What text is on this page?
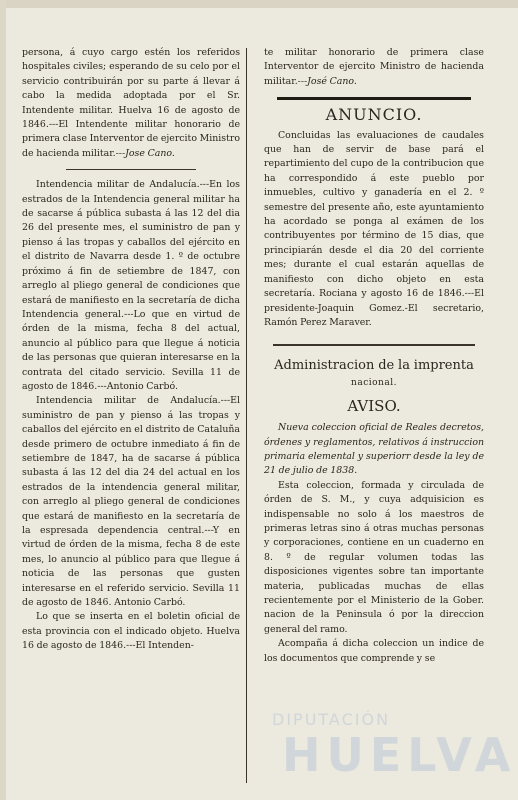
persona, á cuyo cargo estén los referidos hospitales civiles; esperando de su celo por el servicio contribuirán por su parte á llevar á cabo la medida adoptada por el Sr. Intendente militar. Huelva 16 de agosto de 1846.---El Intendente militar honorario de primera clase Interventor de ejercito Ministro de hacienda militar.---Jose Cano.

Intendencia militar de Andalucía.---En los estrados de la Intendencia general militar ha de sacarse á pública subasta á las 12 del dia 26 del presente mes, el suministro de pan y pienso á las tropas y caballos del ejército en el distrito de Navarra desde 1. º de octubre próximo á fin de setiembre de 1847, con arreglo al pliego general de condiciones que estará de manifiesto en la secretaría de dicha Intendencia general.---Lo que en virtud de órden de la misma, fecha 8 del actual, anuncio al público para que llegue á noticia de las personas que quieran interesarse en la contrata del citado servicio. Sevilla 11 de agosto de 1846.---Antonio Carbó.

Intendencia militar de Andalucía.---El suministro de pan y pienso á las tropas y caballos del ejército en el distrito de Cataluña desde primero de octubre inmediato á fin de setiembre de 1847, ha de sacarse á pública subasta á las 12 del dia 24 del actual en los estrados de la intendencia general militar, con arreglo al pliego general de condiciones que estará de manifiesto en la secretaría de la espresada dependencia central.---Y en virtud de órden de la misma, fecha 8 de este mes, lo anuncio al público para que llegue á noticia de las personas que gusten interesarse en el referido servicio. Sevilla 11 de agosto de 1846. Antonio Carbó.

Lo que se inserta en el boletin oficial de esta provincia con el indicado objeto. Huelva 16 de agosto de 1846.---El Intenden-

te militar honorario de primera clase Interventor de ejercito Ministro de hacienda militar.---José Cano.

ANUNCIO.

Concluidas las evaluaciones de caudales que han de servir de base pará el repartimiento del cupo de la contribucion que ha correspondido á este pueblo por inmuebles, cultivo y ganadería en el 2. º semestre del presente año, este ayuntamiento ha acordado se ponga al exámen de los contribuyentes por término de 15 dias, que principiarán desde el dia 20 del corriente mes; durante el cual estarán aquellas de manifiesto con dicho objeto en esta secretaría. Rociana y agosto 16 de 1846.---El presidente-Joaquin Gomez.-El secretario, Ramón Perez Maraver.

Administracion de la imprenta
nacional.
AVISO.

Nueva coleccion oficial de Reales decretos, órdenes y reglamentos, relativos á instruccion primaria elemental y superiorr desde la ley de 21 de julio de 1838.

Esta coleccion, formada y circulada de órden de S. M., y cuya adquisicion es indispensable no solo á los maestros de primeras letras sino á otras muchas personas y corporaciones, contiene en un cuaderno en 8. º de regular volumen todas las disposiciones vigentes sobre tan importante materia, publicadas muchas de ellas recientemente por el Ministerio de la Gober. nacion de la Peninsula ó por la direccion general del ramo.

Acompaña á dicha coleccion un indice de los documentos que comprende y se

DIPUTACIÓN
HUELVA
